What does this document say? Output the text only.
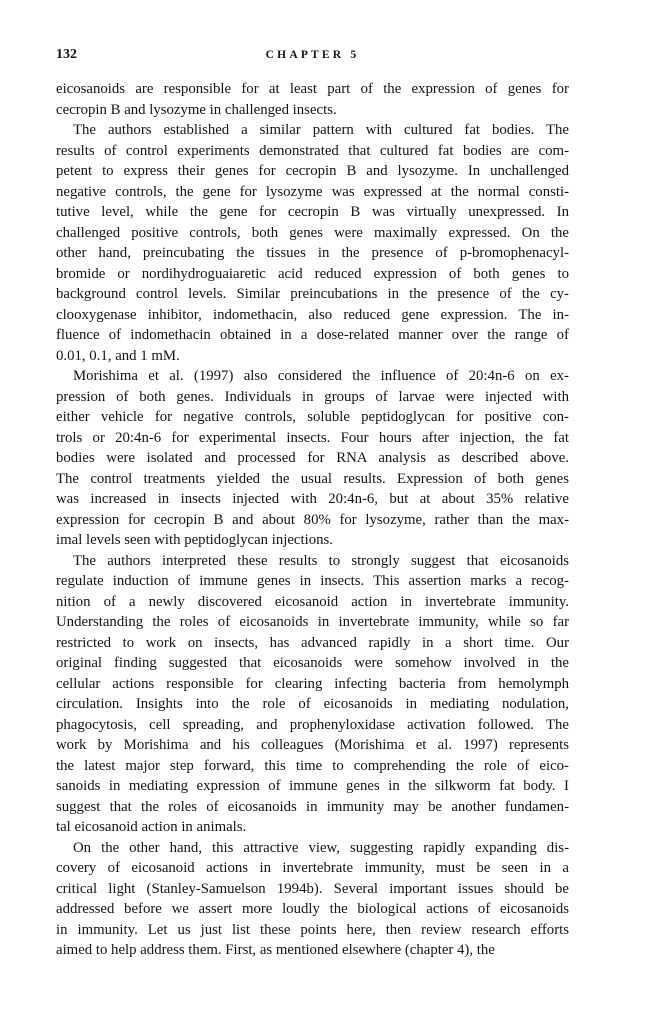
132	CHAPTER 5

eicosanoids are responsible for at least part of the expression of genes for
cecropin B and lysozyme in challenged insects.

The authors established a similar pattern with cultured fat bodies. The
results of control experiments demonstrated that cultured fat bodies are com-
petent to express their genes for cecropin B and lysozyme. In unchallenged
negative controls, the gene for lysozyme was expressed at the normal consti-
tutive level, while the gene for cecropin B was virtually unexpressed. In
challenged positive controls, both genes were maximally expressed. On the
other hand, preincubating the tissues in the presence of p-bromophenacyl-
bromide or nordihydroguaiaretic acid reduced expression of both genes to
background control levels. Similar preincubations in the presence of the cy-
clooxygenase inhibitor, indomethacin, also reduced gene expression. The in-
fluence of indomethacin obtained in a dose-related manner over the range of
0.01, 0.1, and 1 mM.

Morishima et al. (1997) also considered the influence of 20:4n-6 on ex-
pression of both genes. Individuals in groups of larvae were injected with
either vehicle for negative controls, soluble peptidoglycan for positive con-
trols or 20:4n-6 for experimental insects. Four hours after injection, the fat
bodies were isolated and processed for RNA analysis as described above.
The control treatments yielded the usual results. Expression of both genes
was increased in insects injected with 20:4n-6, but at about 35% relative
expression for cecropin B and about 80% for lysozyme, rather than the max-
imal levels seen with peptidoglycan injections.

The authors interpreted these results to strongly suggest that eicosanoids
regulate induction of immune genes in insects. This assertion marks a recog-
nition of a newly discovered eicosanoid action in invertebrate immunity.
Understanding the roles of eicosanoids in invertebrate immunity, while so far
restricted to work on insects, has advanced rapidly in a short time. Our
original finding suggested that eicosanoids were somehow involved in the
cellular actions responsible for clearing infecting bacteria from hemolymph
circulation. Insights into the role of eicosanoids in mediating nodulation,
phagocytosis, cell spreading, and prophenyloxidase activation followed. The
work by Morishima and his colleagues (Morishima et al. 1997) represents
the latest major step forward, this time to comprehending the role of eico-
sanoids in mediating expression of immune genes in the silkworm fat body. I
suggest that the roles of eicosanoids in immunity may be another fundamen-
tal eicosanoid action in animals.

On the other hand, this attractive view, suggesting rapidly expanding dis-
covery of eicosanoid actions in invertebrate immunity, must be seen in a
critical light (Stanley-Samuelson 1994b). Several important issues should be
addressed before we assert more loudly the biological actions of eicosanoids
in immunity. Let us just list these points here, then review research efforts
aimed to help address them. First, as mentioned elsewhere (chapter 4), the
